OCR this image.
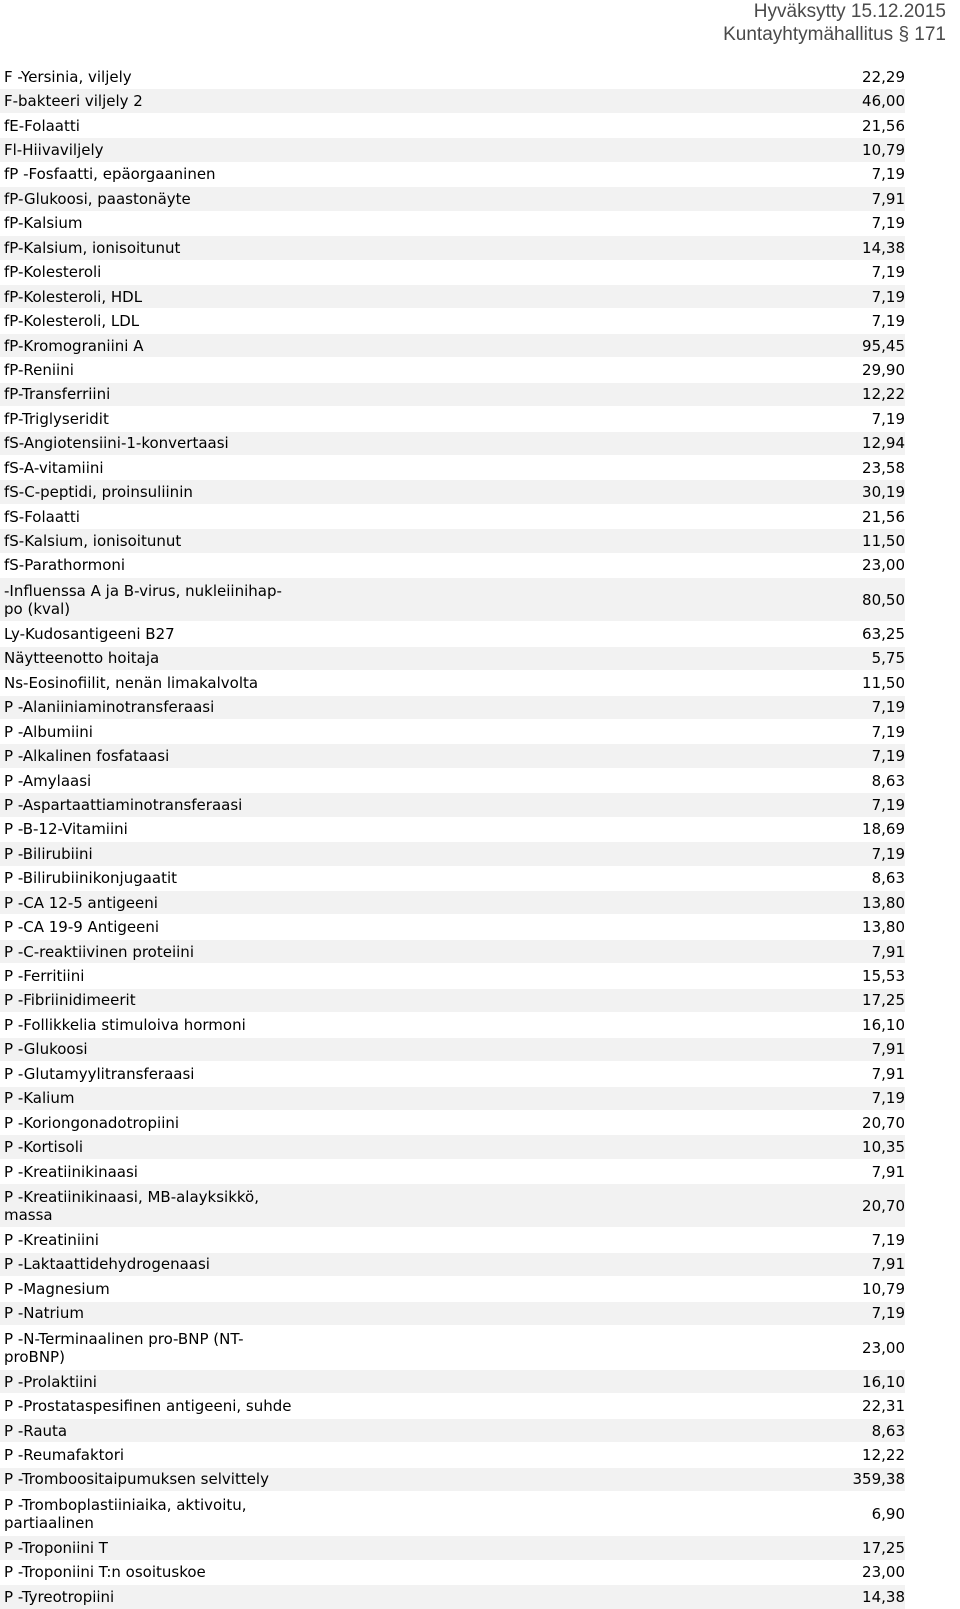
Hyväksytty 15.12.2015
Kuntayhtymähallitus § 171
F -Yersinia, viljely	22,29
F-bakteeri viljely 2	46,00
fE-Folaatti	21,56
Fl-Hiivaviljely	10,79
fP -Fosfaatti, epäorgaaninen	7,19
fP-Glukoosi, paastonäyte	7,91
fP-Kalsium	7,19
fP-Kalsium, ionisoitunut	14,38
fP-Kolesteroli	7,19
fP-Kolesteroli, HDL	7,19
fP-Kolesteroli, LDL	7,19
fP-Kromograniini A	95,45
fP-Reniini	29,90
fP-Transferriini	12,22
fP-Triglyseridit	7,19
fS-Angiotensiini-1-konvertaasi	12,94
fS-A-vitamiini	23,58
fS-C-peptidi, proinsuliinin	30,19
fS-Folaatti	21,56
fS-Kalsium, ionisoitunut	11,50
fS-Parathormoni	23,00
-Influenssa A ja B-virus, nukleiinihappo (kval)	80,50
Ly-Kudosantigeeni B27	63,25
Näytteenotto hoitaja	5,75
Ns-Eosinofiilit, nenän limakalvolta	11,50
P -Alaniiniaminotransferaasi	7,19
P -Albumiini	7,19
P -Alkalinen fosfataasi	7,19
P -Amylaasi	8,63
P -Aspartaattiaminotransferaasi	7,19
P -B-12-Vitamiini	18,69
P -Bilirubiini	7,19
P -Bilirubiinikonjugaatit	8,63
P -CA 12-5 antigeeni	13,80
P -CA 19-9 Antigeeni	13,80
P -C-reaktiivinen proteiini	7,91
P -Ferritiini	15,53
P -Fibriinidimeerit	17,25
P -Follikkelia stimuloiva hormoni	16,10
P -Glukoosi	7,91
P -Glutamyylitransferaasi	7,91
P -Kalium	7,19
P -Koriongonadotropiini	20,70
P -Kortisoli	10,35
P -Kreatiinikinaasi	7,91
P -Kreatiinikinaasi, MB-alayksikkö, massa	20,70
P -Kreatiniini	7,19
P -Laktaattidehydrogenaasi	7,91
P -Magnesium	10,79
P -Natrium	7,19
P -N-Terminaalinen pro-BNP (NT-proBNP)	23,00
P -Prolaktiini	16,10
P -Prostataspesifinen antigeeni, suhde	22,31
P -Rauta	8,63
P -Reumafaktori	12,22
P -Tromboositaipumuksen selvittely	359,38
P -Tromboplastiiniaika, aktivoitu, partiaalinen	6,90
P -Troponiini T	17,25
P -Troponiini T:n osoituskoe	23,00
P -Tyreotropiini	14,38
